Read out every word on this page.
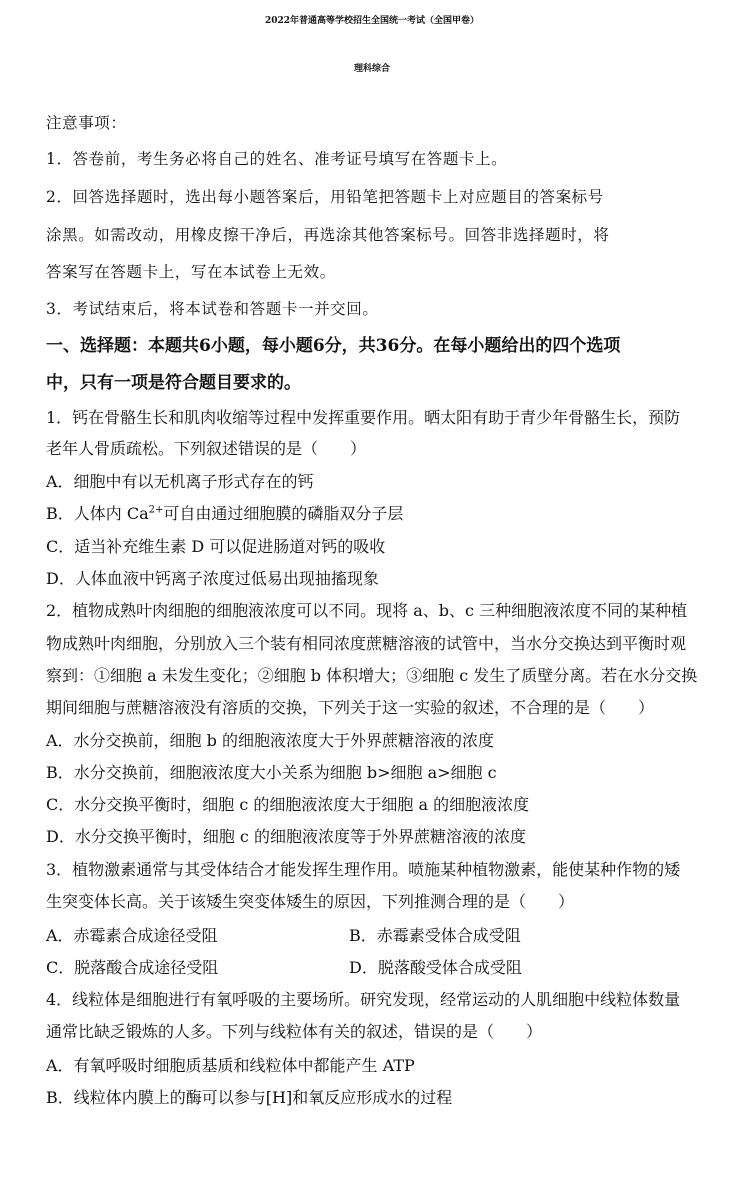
2022年普通高等学校招生全国统一考试（全国甲卷）
理科综合
注意事项：
1．答卷前，考生务必将自己的姓名、准考证号填写在答题卡上。
2．回答选择题时，选出每小题答案后，用铅笔把答题卡上对应题目的答案标号
涂黑。如需改动，用橡皮擦干净后，再选涂其他答案标号。回答非选择题时，将
答案写在答题卡上，写在本试卷上无效。
3．考试结束后，将本试卷和答题卡一并交回。
一、选择题：本题共6小题，每小题6分，共36分。在每小题给出的四个选项
中，只有一项是符合题目要求的。
1．钙在骨骼生长和肌肉收缩等过程中发挥重要作用。晒太阳有助于青少年骨骼生长，预防
老年人骨质疏松。下列叙述错误的是（　　）
A．细胞中有以无机离子形式存在的钙
B．人体内 $Ca^{2+}$可自由通过细胞膜的磷脂双分子层
C．适当补充维生素 D 可以促进肠道对钙的吸收
D．人体血液中钙离子浓度过低易出现抽搐现象
2．植物成熟叶肉细胞的细胞液浓度可以不同。现将 a、b、c 三种细胞液浓度不同的某种植
物成熟叶肉细胞，分别放入三个装有相同浓度蔗糖溶液的试管中，当水分交换达到平衡时观
察到：①细胞 a 未发生变化；②细胞 b 体积增大；③细胞 c 发生了质壁分离。若在水分交换
期间细胞与蔗糖溶液没有溶质的交换，下列关于这一实验的叙述，不合理的是（　　）
A．水分交换前，细胞 b 的细胞液浓度大于外界蔗糖溶液的浓度
B．水分交换前，细胞液浓度大小关系为细胞 b>细胞 a>细胞 c
C．水分交换平衡时，细胞 c 的细胞液浓度大于细胞 a 的细胞液浓度
D．水分交换平衡时，细胞 c 的细胞液浓度等于外界蔗糖溶液的浓度
3．植物激素通常与其受体结合才能发挥生理作用。喷施某种植物激素，能使某种作物的矮
生突变体长高。关于该矮生突变体矮生的原因，下列推测合理的是（　　）
A．赤霉素合成途径受阻	B．赤霉素受体合成受阻
C．脱落酸合成途径受阻	D．脱落酸受体合成受阻
4．线粒体是细胞进行有氧呼吸的主要场所。研究发现，经常运动的人肌细胞中线粒体数量
通常比缺乏锻炼的人多。下列与线粒体有关的叙述，错误的是（　　）
A．有氧呼吸时细胞质基质和线粒体中都能产生 ATP
B．线粒体内膜上的酶可以参与[H]和氧反应形成水的过程
